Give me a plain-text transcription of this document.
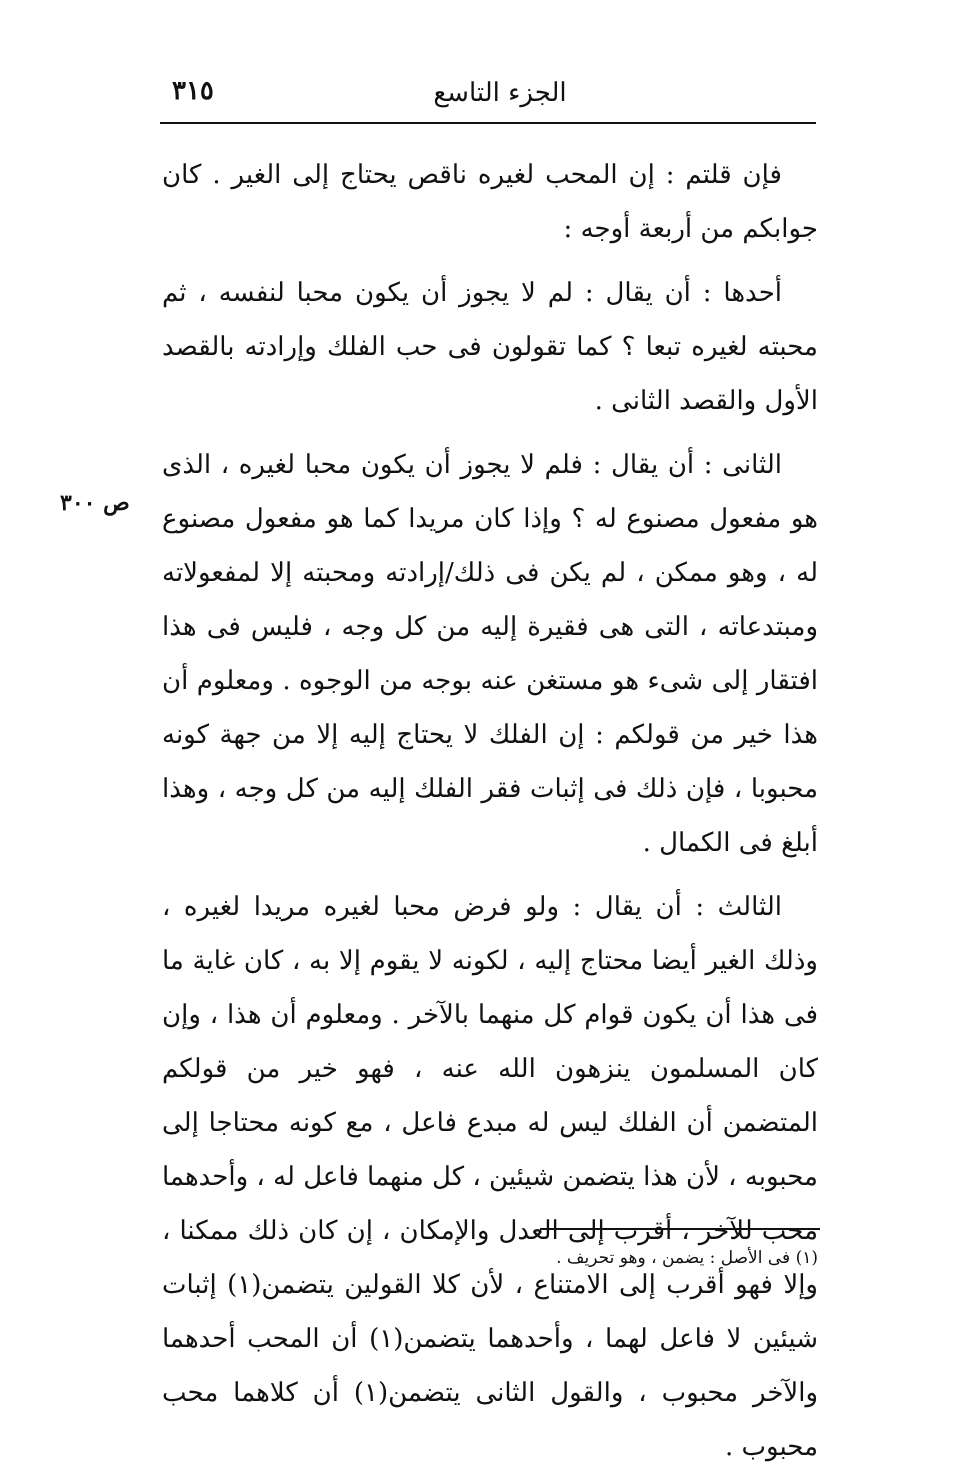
٣١٥	الجزء التاسع
ص ٣٠٠

فإن قلتم : إن المحب لغيره ناقص يحتاج إلى الغير . كان جوابكم من أربعة أوجه :

أحدها : أن يقال : لم لا يجوز أن يكون محبا لنفسه ، ثم محبته لغيره تبعا ؟ كما تقولون فى حب الفلك وإرادته بالقصد الأول والقصد الثانى .

الثانى : أن يقال : فلم لا يجوز أن يكون محبا لغيره ، الذى هو مفعول مصنوع له ؟ وإذا كان مريدا كما هو مفعول مصنوع له ، وهو ممكن ، لم يكن فى ذلك/إرادته ومحبته إلا لمفعولاته ومبتدعاته ، التى هى فقيرة إليه من كل وجه ، فليس فى هذا افتقار إلى شىء هو مستغن عنه بوجه من الوجوه . ومعلوم أن هذا خير من قولكم : إن الفلك لا يحتاج إليه إلا من جهة كونه محبوبا ، فإن ذلك فى إثبات فقر الفلك إليه من كل وجه ، وهذا أبلغ فى الكمال .

الثالث : أن يقال : ولو فرض محبا لغيره مريدا لغيره ، وذلك الغير أيضا محتاج إليه ، لكونه لا يقوم إلا به ، كان غاية ما فى هذا أن يكون قوام كل منهما بالآخر . ومعلوم أن هذا ، وإن كان المسلمون ينزهون الله عنه ، فهو خير من قولكم المتضمن أن الفلك ليس له مبدع فاعل ، مع كونه محتاجا إلى محبوبه ، لأن هذا يتضمن شيئين ، كل منهما فاعل له ، وأحدهما محب للآخر ، أقرب إلى العدل والإمكان ، إن كان ذلك ممكنا ، وإلا فهو أقرب إلى الامتناع ، لأن كلا القولين يتضمن(١) إثبات شيئين لا فاعل لهما ، وأحدهما يتضمن(١) أن المحب أحدهما والآخر محبوب ، والقول الثانى يتضمن(١) أن كلاهما محب محبوب .

(١) فى الأصل : يضمن ، وهو تحريف .
